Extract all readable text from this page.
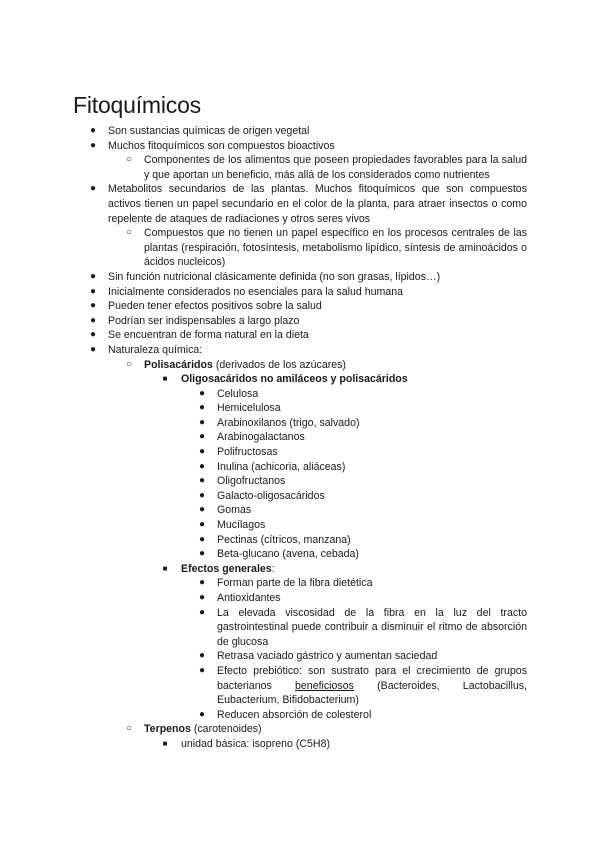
Fitoquímicos
●	Son sustancias químicas de origen vegetal
●	Muchos fitoquímicos son compuestos bioactivos
○	Componentes de los alimentos que poseen propiedades favorables para la salud y que aportan un beneficio, más allá de los considerados como nutrientes
●	Metabolitos secundarios de las plantas. Muchos fitoquímicos que son compuestos activos tienen un papel secundario en el color de la planta, para atraer insectos o como repelente de ataques de radiaciones y otros seres vivos
○	Compuestos que no tienen un papel específico en los procesos centrales de las plantas (respiración, fotosíntesis, metabolismo lipídico, síntesis de aminoácidos o ácidos nucleicos)
●	Sin función nutricional clásicamente definida (no son grasas, lípidos…)
●	Inicialmente considerados no esenciales para la salud humana
●	Pueden tener efectos positivos sobre la salud
●	Podrían ser indispensables a largo plazo
●	Se encuentran de forma natural en la dieta
●	Naturaleza química:
○	Polisacáridos (derivados de los azúcares)
■	Oligosacáridos no amiláceos y polisacáridos
●	Celulosa
●	Hemicelulosa
●	Arabinoxilanos (trigo, salvado)
●	Arabinogalactanos
●	Polifructosas
●	Inulina (achicoria, aliáceas)
●	Oligofructanos
●	Galacto-oligosacáridos
●	Gomas
●	Mucílagos
●	Pectinas (cítricos, manzana)
●	Beta-glucano (avena, cebada)
■	Efectos generales:
●	Forman parte de la fibra dietética
●	Antioxidantes
●	La elevada viscosidad de la fibra en la luz del tracto gastrointestinal puede contribuir a disminuir el ritmo de absorción de glucosa
●	Retrasa vaciado gástrico y aumentan saciedad
●	Efecto prebiótico: son sustrato para el crecimiento de grupos bacterianos beneficiosos (Bacteroides, Lactobacillus, Eubacterium, Bifidobacterium)
●	Reducen absorción de colesterol
○	Terpenos (carotenoides)
■	unidad básica: isopreno (C5H8)
